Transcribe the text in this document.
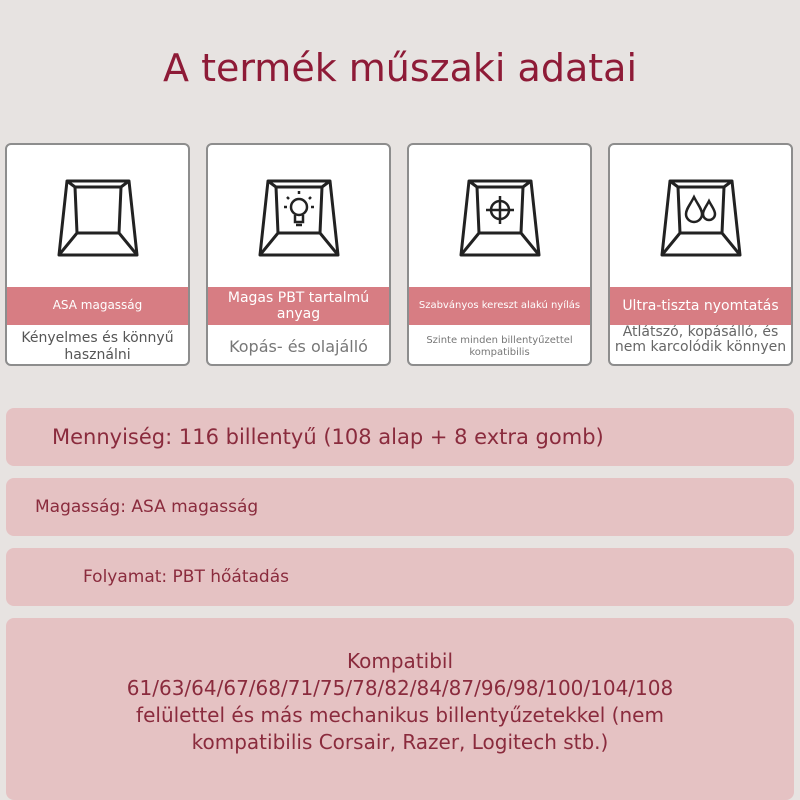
A termék műszaki adatai
ASA magasság
Kényelmes és könnyű használni
Magas PBT tartalmú anyag
Kopás- és olajálló
Szabványos kereszt alakú nyílás
Szinte minden billentyűzettel kompatibilis
Ultra-tiszta nyomtatás
Átlátszó, kopásálló, és nem karcolódik könnyen
Mennyiség: 116 billentyű (108 alap + 8 extra gomb)
Magasság: ASA magasság
Folyamat: PBT hőátadás
Kompatibil
61/63/64/67/68/71/75/78/82/84/87/96/98/100/104/108
felülettel és más mechanikus billentyűzetekkel (nem
kompatibilis Corsair, Razer, Logitech stb.)
